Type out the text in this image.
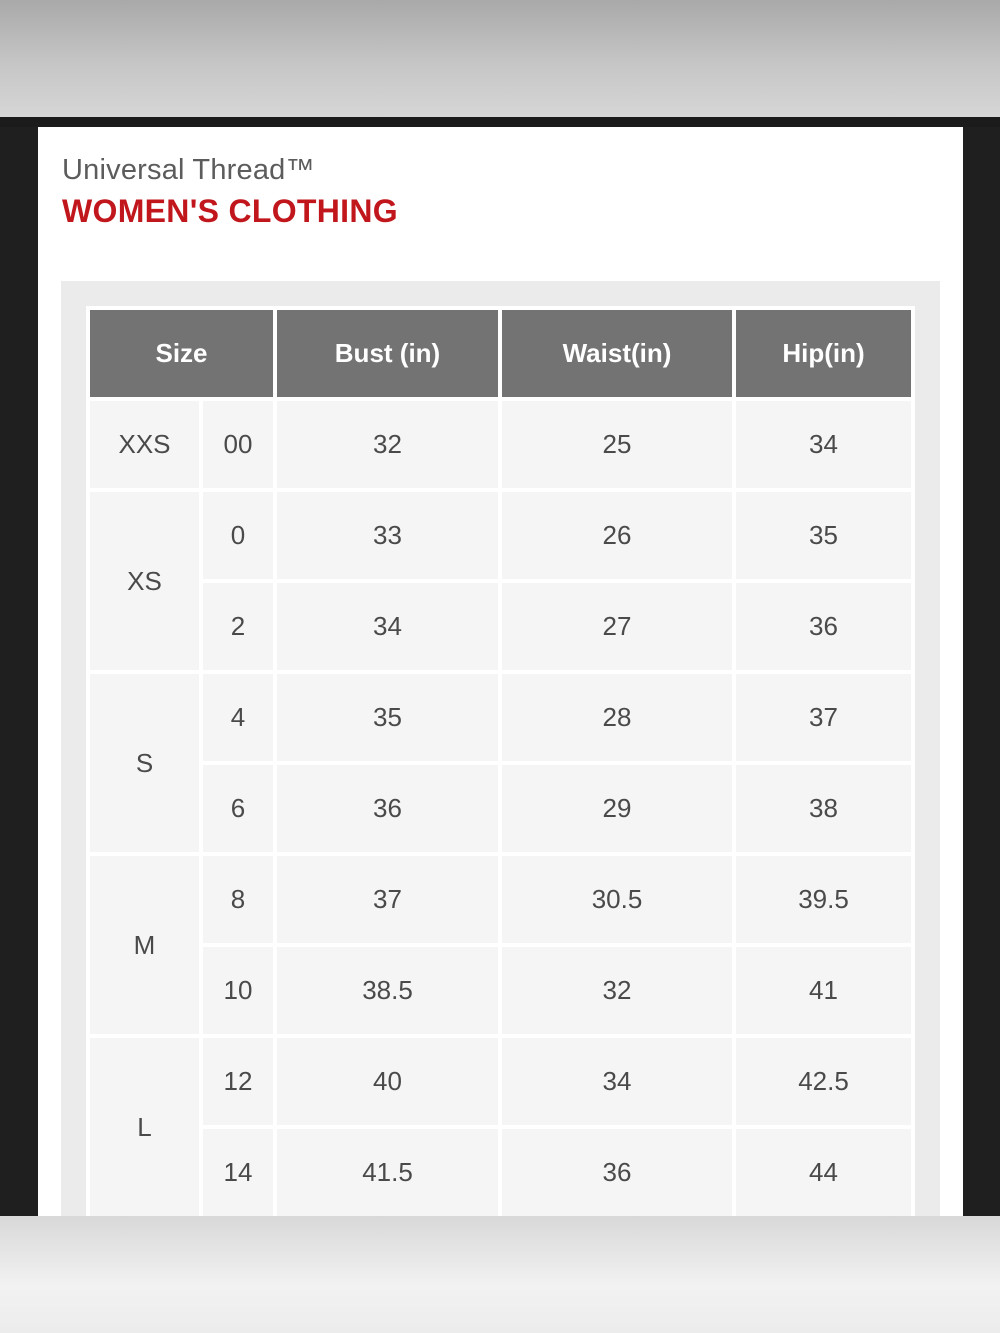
Universal Thread™
WOMEN'S CLOTHING
Size		Bust (in)	Waist(in)	Hip(in)
XXS	00	32	25	34
XS	0	33	26	35
	2	34	27	36
S	4	35	28	37
	6	36	29	38
M	8	37	30.5	39.5
	10	38.5	32	41
L	12	40	34	42.5
	14	41.5	36	44
